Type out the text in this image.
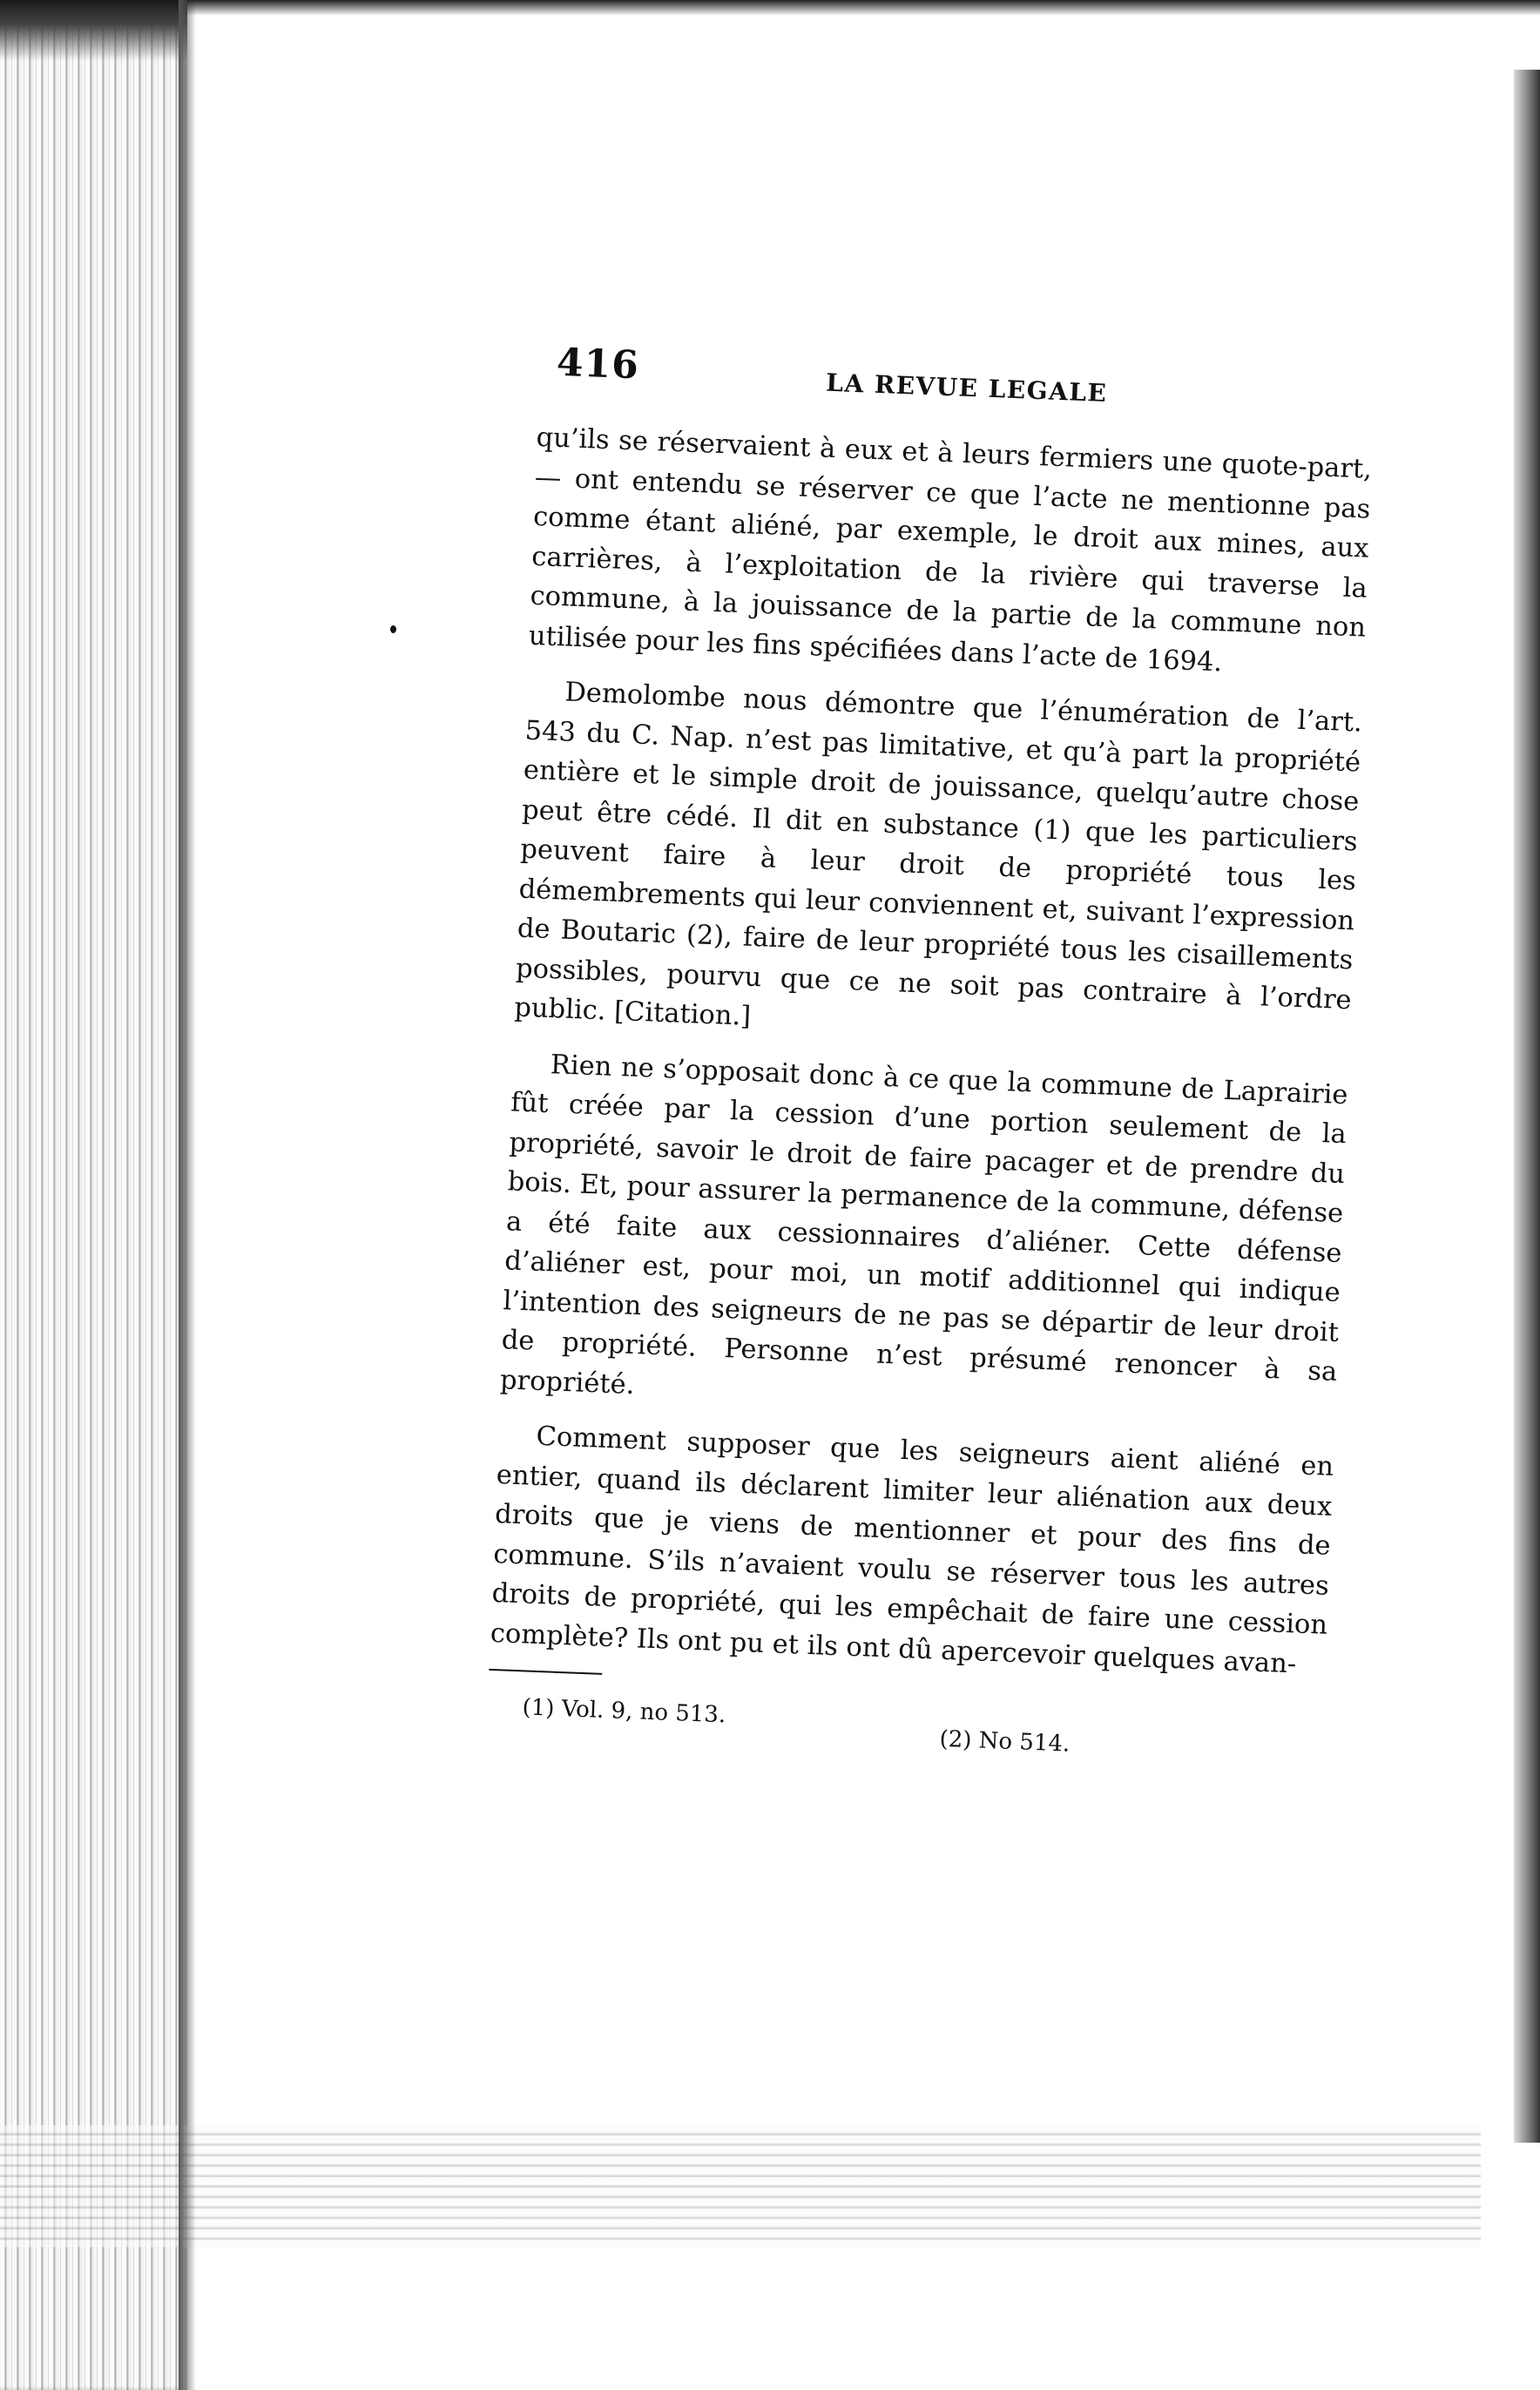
416	LA REVUE LEGALE

qu’ils se réservaient à eux et à leurs fermiers une quote-part,— ont entendu se réserver ce que l’acte ne mentionne pas comme étant aliéné, par exemple, le droit aux mines, aux carrières, à l’exploitation de la rivière qui traverse la commune, à la jouissance de la partie de la commune non utilisée pour les fins spécifiées dans l’acte de 1694.

Demolombe nous démontre que l’énumération de l’art. 543 du C. Nap. n’est pas limitative, et qu’à part la propriété entière et le simple droit de jouissance, quelqu’autre chose peut être cédé. Il dit en substance (1) que les particuliers peuvent faire à leur droit de propriété tous les démembrements qui leur conviennent et, suivant l’expression de Boutaric (2), faire de leur propriété tous les cisaillements possibles, pourvu que ce ne soit pas contraire à l’ordre public. [Citation.]

Rien ne s’opposait donc à ce que la commune de Laprairie fût créée par la cession d’une portion seulement de la propriété, savoir le droit de faire pacager et de prendre du bois. Et, pour assurer la permanence de la commune, défense a été faite aux cessionnaires d’aliéner. Cette défense d’aliéner est, pour moi, un motif additionnel qui indique l’intention des seigneurs de ne pas se départir de leur droit de propriété. Personne n’est présumé renoncer à sa propriété.

Comment supposer que les seigneurs aient aliéné en entier, quand ils déclarent limiter leur aliénation aux deux droits que je viens de mentionner et pour des fins de commune. S’ils n’avaient voulu se réserver tous les autres droits de propriété, qui les empêchait de faire une cession complète? Ils ont pu et ils ont dû apercevoir quelques avan-

(1) Vol. 9, no 513.
(2) No 514.
